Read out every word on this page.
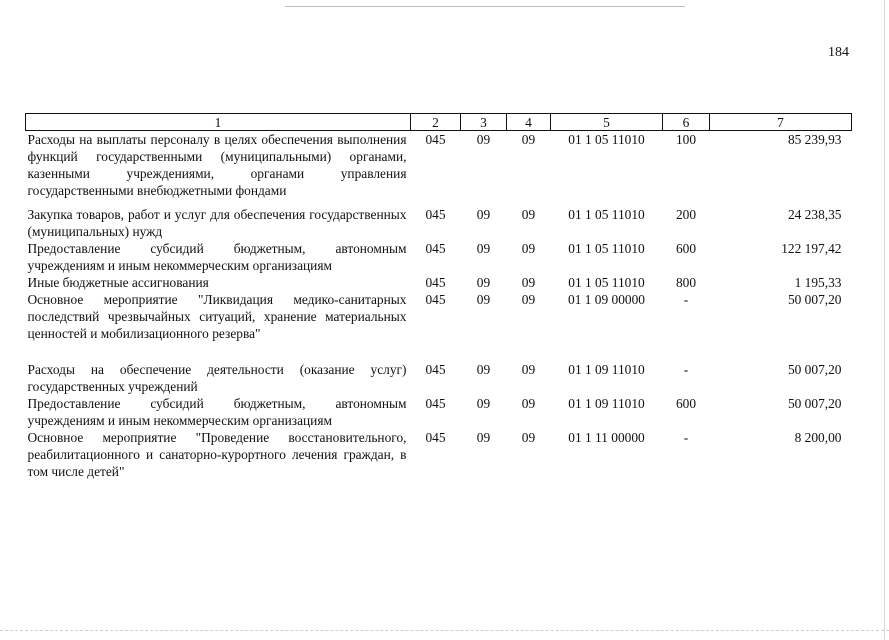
184
1	2	3	4	5	6	7
Расходы на выплаты персоналу в целях обеспечения выполнения функций государственными (муниципальными) органами, казенными учреждениями, органами управления государственными внебюджетными фондами	045	09	09	01 1 05 11010	100	85 239,93
Закупка товаров, работ и услуг для обеспечения государственных (муниципальных) нужд	045	09	09	01 1 05 11010	200	24 238,35
Предоставление субсидий бюджетным, автономным учреждениям и иным некоммерческим организациям	045	09	09	01 1 05 11010	600	122 197,42
Иные бюджетные ассигнования	045	09	09	01 1 05 11010	800	1 195,33
Основное мероприятие "Ликвидация медико-санитарных последствий чрезвычайных ситуаций, хранение материальных ценностей и мобилизационного резерва"	045	09	09	01 1 09 00000	-	50 007,20
Расходы на обеспечение деятельности (оказание услуг) государственных учреждений	045	09	09	01 1 09 11010	-	50 007,20
Предоставление субсидий бюджетным, автономным учреждениям и иным некоммерческим организациям	045	09	09	01 1 09 11010	600	50 007,20
Основное мероприятие "Проведение восстановительного, реабилитационного и санаторно-курортного лечения граждан, в том числе детей"	045	09	09	01 1 11 00000	-	8 200,00
